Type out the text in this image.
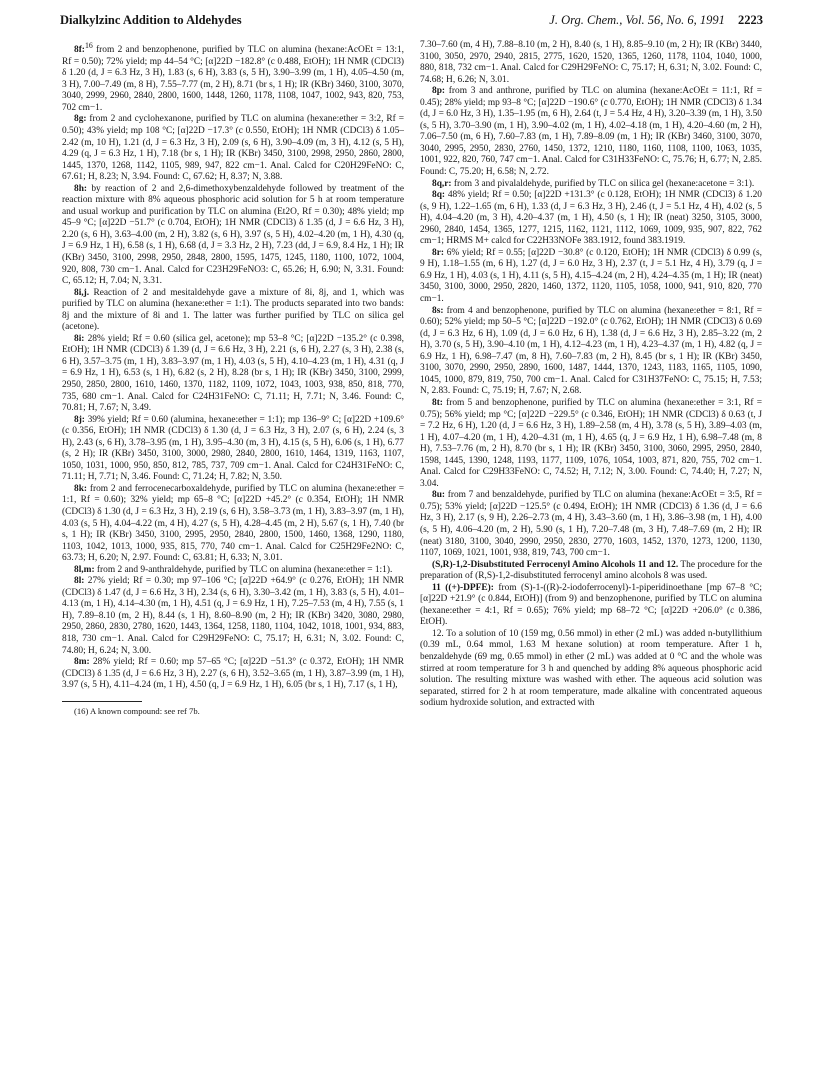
Dialkylzinc Addition to Aldehydes	J. Org. Chem., Vol. 56, No. 6, 1991 2223

8f:$^{16}$ from 2 and benzophenone, purified by TLC on alumina (hexane:AcOEt = 13:1, Rf = 0.50); 72% yield; mp 44–54 °C; [α]22D −182.8° (c 0.488, EtOH); 1H NMR (CDCl3) δ 1.20 (d, J = 6.3 Hz, 3 H), 1.83 (s, 6 H), 3.83 (s, 5 H), 3.90–3.99 (m, 1 H), 4.05–4.50 (m, 3 H), 7.00–7.49 (m, 8 H), 7.55–7.77 (m, 2 H), 8.71 (br s, 1 H); IR (KBr) 3460, 3100, 3070, 3040, 2999, 2960, 2840, 2800, 1600, 1448, 1260, 1178, 1108, 1047, 1002, 943, 820, 753, 702 cm−1.

8g: from 2 and cyclohexanone, purified by TLC on alumina (hexane:ether = 3:2, Rf = 0.50); 43% yield; mp 108 °C; [α]22D −17.3° (c 0.550, EtOH); 1H NMR (CDCl3) δ 1.05–2.42 (m, 10 H), 1.21 (d, J = 6.3 Hz, 3 H), 2.09 (s, 6 H), 3.90–4.09 (m, 3 H), 4.12 (s, 5 H), 4.29 (q, J = 6.3 Hz, 1 H), 7.18 (br s, 1 H); IR (KBr) 3450, 3100, 2998, 2950, 2860, 2800, 1445, 1370, 1268, 1142, 1105, 989, 947, 822 cm−1. Anal. Calcd for C20H29FeNO: C, 67.61; H, 8.23; N, 3.94. Found: C, 67.62; H, 8.37; N, 3.88.

8h: by reaction of 2 and 2,6-dimethoxybenzaldehyde followed by treatment of the reaction mixture with 8% aqueous phosphoric acid solution for 5 h at room temperature and usual workup and purification by TLC on alumina (Et2O, Rf = 0.30); 48% yield; mp 45–9 °C; [α]22D −51.7° (c 0.704, EtOH); 1H NMR (CDCl3) δ 1.35 (d, J = 6.6 Hz, 3 H), 2.20 (s, 6 H), 3.63–4.00 (m, 2 H), 3.82 (s, 6 H), 3.97 (s, 5 H), 4.02–4.20 (m, 1 H), 4.30 (q, J = 6.9 Hz, 1 H), 6.58 (s, 1 H), 6.68 (d, J = 3.3 Hz, 2 H), 7.23 (dd, J = 6.9, 8.4 Hz, 1 H); IR (KBr) 3450, 3100, 2998, 2950, 2848, 2800, 1595, 1475, 1245, 1180, 1100, 1072, 1004, 920, 808, 730 cm−1. Anal. Calcd for C23H29FeNO3: C, 65.26; H, 6.90; N, 3.31. Found: C, 65.12; H, 7.04; N, 3.31.

8i,j. Reaction of 2 and mesitaldehyde gave a mixture of 8i, 8j, and 1, which was purified by TLC on alumina (hexane:ether = 1:1). The products separated into two bands: 8j and the mixture of 8i and 1. The latter was further purified by TLC on silica gel (acetone).

8i: 28% yield; Rf = 0.60 (silica gel, acetone); mp 53–8 °C; [α]22D −135.2° (c 0.398, EtOH); 1H NMR (CDCl3) δ 1.39 (d, J = 6.6 Hz, 3 H), 2.21 (s, 6 H), 2.27 (s, 3 H), 2.38 (s, 6 H), 3.57–3.75 (m, 1 H), 3.83–3.97 (m, 1 H), 4.03 (s, 5 H), 4.10–4.23 (m, 1 H), 4.31 (q, J = 6.9 Hz, 1 H), 6.53 (s, 1 H), 6.82 (s, 2 H), 8.28 (br s, 1 H); IR (KBr) 3450, 3100, 2999, 2950, 2850, 2800, 1610, 1460, 1370, 1182, 1109, 1072, 1043, 1003, 938, 850, 818, 770, 735, 680 cm−1. Anal. Calcd for C24H31FeNO: C, 71.11; H, 7.71; N, 3.46. Found: C, 70.81; H, 7.67; N, 3.49.

8j: 39% yield; Rf = 0.60 (alumina, hexane:ether = 1:1); mp 136–9° C; [α]22D +109.6° (c 0.356, EtOH); 1H NMR (CDCl3) δ 1.30 (d, J = 6.3 Hz, 3 H), 2.07 (s, 6 H), 2.24 (s, 3 H), 2.43 (s, 6 H), 3.78–3.95 (m, 1 H), 3.95–4.30 (m, 3 H), 4.15 (s, 5 H), 6.06 (s, 1 H), 6.77 (s, 2 H); IR (KBr) 3450, 3100, 3000, 2980, 2840, 2800, 1610, 1464, 1319, 1163, 1107, 1050, 1031, 1000, 950, 850, 812, 785, 737, 709 cm−1. Anal. Calcd for C24H31FeNO: C, 71.11; H, 7.71; N, 3.46. Found: C, 71.24; H, 7.82; N, 3.50.

8k: from 2 and ferrocenecarboxaldehyde, purified by TLC on alumina (hexane:ether = 1:1, Rf = 0.60); 32% yield; mp 65–8 °C; [α]22D +45.2° (c 0.354, EtOH); 1H NMR (CDCl3) δ 1.30 (d, J = 6.3 Hz, 3 H), 2.19 (s, 6 H), 3.58–3.73 (m, 1 H), 3.83–3.97 (m, 1 H), 4.03 (s, 5 H), 4.04–4.22 (m, 4 H), 4.27 (s, 5 H), 4.28–4.45 (m, 2 H), 5.67 (s, 1 H), 7.40 (br s, 1 H); IR (KBr) 3450, 3100, 2995, 2950, 2840, 2800, 1500, 1460, 1368, 1290, 1180, 1103, 1042, 1013, 1000, 935, 815, 770, 740 cm−1. Anal. Calcd for C25H29Fe2NO: C, 63.73; H, 6.20; N, 2.97. Found: C, 63.81; H, 6.33; N, 3.01.

8l,m: from 2 and 9-anthraldehyde, purified by TLC on alumina (hexane:ether = 1:1).

8l: 27% yield; Rf = 0.30; mp 97–106 °C; [α]22D +64.9° (c 0.276, EtOH); 1H NMR (CDCl3) δ 1.47 (d, J = 6.6 Hz, 3 H), 2.34 (s, 6 H), 3.30–3.42 (m, 1 H), 3.83 (s, 5 H), 4.01–4.13 (m, 1 H), 4.14–4.30 (m, 1 H), 4.51 (q, J = 6.9 Hz, 1 H), 7.25–7.53 (m, 4 H), 7.55 (s, 1 H), 7.89–8.10 (m, 2 H), 8.44 (s, 1 H), 8.60–8.90 (m, 2 H); IR (KBr) 3420, 3080, 2980, 2950, 2860, 2830, 2780, 1620, 1443, 1364, 1258, 1180, 1104, 1042, 1018, 1001, 934, 883, 818, 730 cm−1. Anal. Calcd for C29H29FeNO: C, 75.17; H, 6.31; N, 3.02. Found: C, 74.80; H, 6.24; N, 3.00.

8m: 28% yield; Rf = 0.60; mp 57–65 °C; [α]22D −51.3° (c 0.372, EtOH); 1H NMR (CDCl3) δ 1.35 (d, J = 6.6 Hz, 3 H), 2.27 (s, 6 H), 3.52–3.65 (m, 1 H), 3.87–3.99 (m, 1 H), 3.97 (s, 5 H), 4.11–4.24 (m, 1 H), 4.50 (q, J = 6.9 Hz, 1 H), 6.05 (br s, 1 H), 7.17 (s, 1 H),

(16) A known compound: see ref 7b.

7.30–7.60 (m, 4 H), 7.88–8.10 (m, 2 H), 8.40 (s, 1 H), 8.85–9.10 (m, 2 H); IR (KBr) 3440, 3100, 3050, 2970, 2940, 2815, 2775, 1620, 1520, 1365, 1260, 1178, 1104, 1040, 1000, 880, 818, 732 cm−1. Anal. Calcd for C29H29FeNO: C, 75.17; H, 6.31; N, 3.02. Found: C, 74.68; H, 6.26; N, 3.01.

8p: from 3 and anthrone, purified by TLC on alumina (hexane:AcOEt = 11:1, Rf = 0.45); 28% yield; mp 93–8 °C; [α]22D −190.6° (c 0.770, EtOH); 1H NMR (CDCl3) δ 1.34 (d, J = 6.0 Hz, 3 H), 1.35–1.95 (m, 6 H), 2.64 (t, J = 5.4 Hz, 4 H), 3.20–3.39 (m, 1 H), 3.50 (s, 5 H), 3.70–3.90 (m, 1 H), 3.90–4.02 (m, 1 H), 4.02–4.18 (m, 1 H), 4.20–4.60 (m, 2 H), 7.06–7.50 (m, 6 H), 7.60–7.83 (m, 1 H), 7.89–8.09 (m, 1 H); IR (KBr) 3460, 3100, 3070, 3040, 2995, 2950, 2830, 2760, 1450, 1372, 1210, 1180, 1160, 1108, 1100, 1063, 1035, 1001, 922, 820, 760, 747 cm−1. Anal. Calcd for C31H33FeNO: C, 75.76; H, 6.77; N, 2.85. Found: C, 75.20; H, 6.58; N, 2.72.

8q,r: from 3 and pivalaldehyde, purified by TLC on silica gel (hexane:acetone = 3:1).

8q: 48% yield; Rf = 0.50; [α]22D +131.3° (c 0.128, EtOH); 1H NMR (CDCl3) δ 1.20 (s, 9 H), 1.22–1.65 (m, 6 H), 1.33 (d, J = 6.3 Hz, 3 H), 2.46 (t, J = 5.1 Hz, 4 H), 4.02 (s, 5 H), 4.04–4.20 (m, 3 H), 4.20–4.37 (m, 1 H), 4.50 (s, 1 H); IR (neat) 3250, 3105, 3000, 2960, 2840, 1454, 1365, 1277, 1215, 1162, 1121, 1112, 1069, 1009, 935, 907, 822, 762 cm−1; HRMS M+ calcd for C22H33NOFe 383.1912, found 383.1919.

8r: 6% yield; Rf = 0.55; [α]22D −30.8° (c 0.120, EtOH); 1H NMR (CDCl3) δ 0.99 (s, 9 H), 1.18–1.55 (m, 6 H), 1.27 (d, J = 6.0 Hz, 3 H), 2.37 (t, J = 5.1 Hz, 4 H), 3.79 (q, J = 6.9 Hz, 1 H), 4.03 (s, 1 H), 4.11 (s, 5 H), 4.15–4.24 (m, 2 H), 4.24–4.35 (m, 1 H); IR (neat) 3450, 3100, 3000, 2950, 2820, 1460, 1372, 1120, 1105, 1058, 1000, 941, 910, 820, 770 cm−1.

8s: from 4 and benzophenone, purified by TLC on alumina (hexane:ether = 8:1, Rf = 0.60); 52% yield; mp 50–5 °C; [α]22D −192.0° (c 0.762, EtOH); 1H NMR (CDCl3) δ 0.69 (d, J = 6.3 Hz, 6 H), 1.09 (d, J = 6.0 Hz, 6 H), 1.38 (d, J = 6.6 Hz, 3 H), 2.85–3.22 (m, 2 H), 3.70 (s, 5 H), 3.90–4.10 (m, 1 H), 4.12–4.23 (m, 1 H), 4.23–4.37 (m, 1 H), 4.82 (q, J = 6.9 Hz, 1 H), 6.98–7.47 (m, 8 H), 7.60–7.83 (m, 2 H), 8.45 (br s, 1 H); IR (KBr) 3450, 3100, 3070, 2990, 2950, 2890, 1600, 1487, 1444, 1370, 1243, 1183, 1165, 1105, 1090, 1045, 1000, 879, 819, 750, 700 cm−1. Anal. Calcd for C31H37FeNO: C, 75.15; H, 7.53; N, 2.83. Found: C, 75.19; H, 7.67; N, 2.68.

8t: from 5 and benzophenone, purified by TLC on alumina (hexane:ether = 3:1, Rf = 0.75); 56% yield; mp °C; [α]22D −229.5° (c 0.346, EtOH); 1H NMR (CDCl3) δ 0.63 (t, J = 7.2 Hz, 6 H), 1.20 (d, J = 6.6 Hz, 3 H), 1.89–2.58 (m, 4 H), 3.78 (s, 5 H), 3.89–4.03 (m, 1 H), 4.07–4.20 (m, 1 H), 4.20–4.31 (m, 1 H), 4.65 (q, J = 6.9 Hz, 1 H), 6.98–7.48 (m, 8 H), 7.53–7.76 (m, 2 H), 8.70 (br s, 1 H); IR (KBr) 3450, 3100, 3060, 2995, 2950, 2840, 1598, 1445, 1390, 1248, 1193, 1177, 1109, 1076, 1054, 1003, 871, 820, 755, 702 cm−1. Anal. Calcd for C29H33FeNO: C, 74.52; H, 7.12; N, 3.00. Found: C, 74.40; H, 7.27; N, 3.04.

8u: from 7 and benzaldehyde, purified by TLC on alumina (hexane:AcOEt = 3:5, Rf = 0.75); 53% yield; [α]22D −125.5° (c 0.494, EtOH); 1H NMR (CDCl3) δ 1.36 (d, J = 6.6 Hz, 3 H), 2.17 (s, 9 H), 2.26–2.73 (m, 4 H), 3.43–3.60 (m, 1 H), 3.86–3.98 (m, 1 H), 4.00 (s, 5 H), 4.06–4.20 (m, 2 H), 5.90 (s, 1 H), 7.20–7.48 (m, 3 H), 7.48–7.69 (m, 2 H); IR (neat) 3180, 3100, 3040, 2990, 2950, 2830, 2770, 1603, 1452, 1370, 1273, 1200, 1130, 1107, 1069, 1021, 1001, 938, 819, 743, 700 cm−1.

(S,R)-1,2-Disubstituted Ferrocenyl Amino Alcohols 11 and 12. The procedure for the preparation of (R,S)-1,2-disubstituted ferrocenyl amino alcohols 8 was used.

11 ((+)-DPFE): from (S)-1-((R)-2-iodoferrocenyl)-1-piperidinoethane [mp 67–8 °C; [α]22D +21.9° (c 0.844, EtOH)] (from 9) and benzophenone, purified by TLC on alumina (hexane:ether = 4:1, Rf = 0.65); 76% yield; mp 68–72 °C; [α]22D +206.0° (c 0.386, EtOH).

12. To a solution of 10 (159 mg, 0.56 mmol) in ether (2 mL) was added n-butyllithium (0.39 mL, 0.64 mmol, 1.63 M hexane solution) at room temperature. After 1 h, benzaldehyde (69 mg, 0.65 mmol) in ether (2 mL) was added at 0 °C and the whole was stirred at room temperature for 3 h and quenched by adding 8% aqueous phosphoric acid solution. The resulting mixture was washed with ether. The aqueous acid solution was separated, stirred for 2 h at room temperature, made alkaline with concentrated aqueous sodium hydroxide solution, and extracted with
